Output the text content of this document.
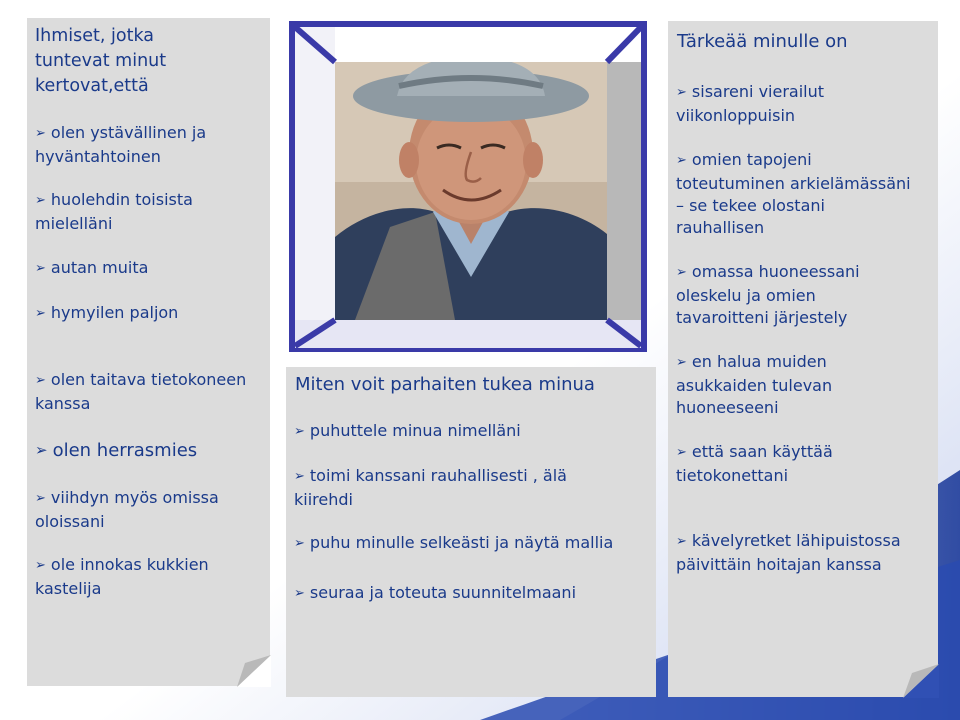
Ihmiset, jotka
tuntevat minut
kertovat,että
➢ olen ystävällinen ja
hyväntahtoinen
➢ huolehdin toisista
mielelläni
➢ autan muita
➢ hymyilen paljon
➢ olen taitava tietokoneen
kanssa
➢ olen herrasmies
➢ viihdyn myös omissa
oloissani
➢ ole innokas kukkien
kastelija
Miten voit parhaiten tukea minua
➢ puhuttele minua nimelläni
➢ toimi kanssani rauhallisesti , älä
kiirehdi
➢ puhu minulle selkeästi ja näytä mallia
➢ seuraa ja toteuta suunnitelmaani
Tärkeää minulle on
➢ sisareni vierailut
viikonloppuisin
➢ omien tapojeni
toteutuminen arkielämässäni
– se tekee olostani
rauhallisen
➢ omassa huoneessani
oleskelu ja omien
tavaroitteni järjestely
➢ en halua muiden
asukkaiden tulevan
huoneeseeni
➢ että saan käyttää
tietokonettani
➢ kävelyretket lähipuistossa
päivittäin hoitajan kanssa
